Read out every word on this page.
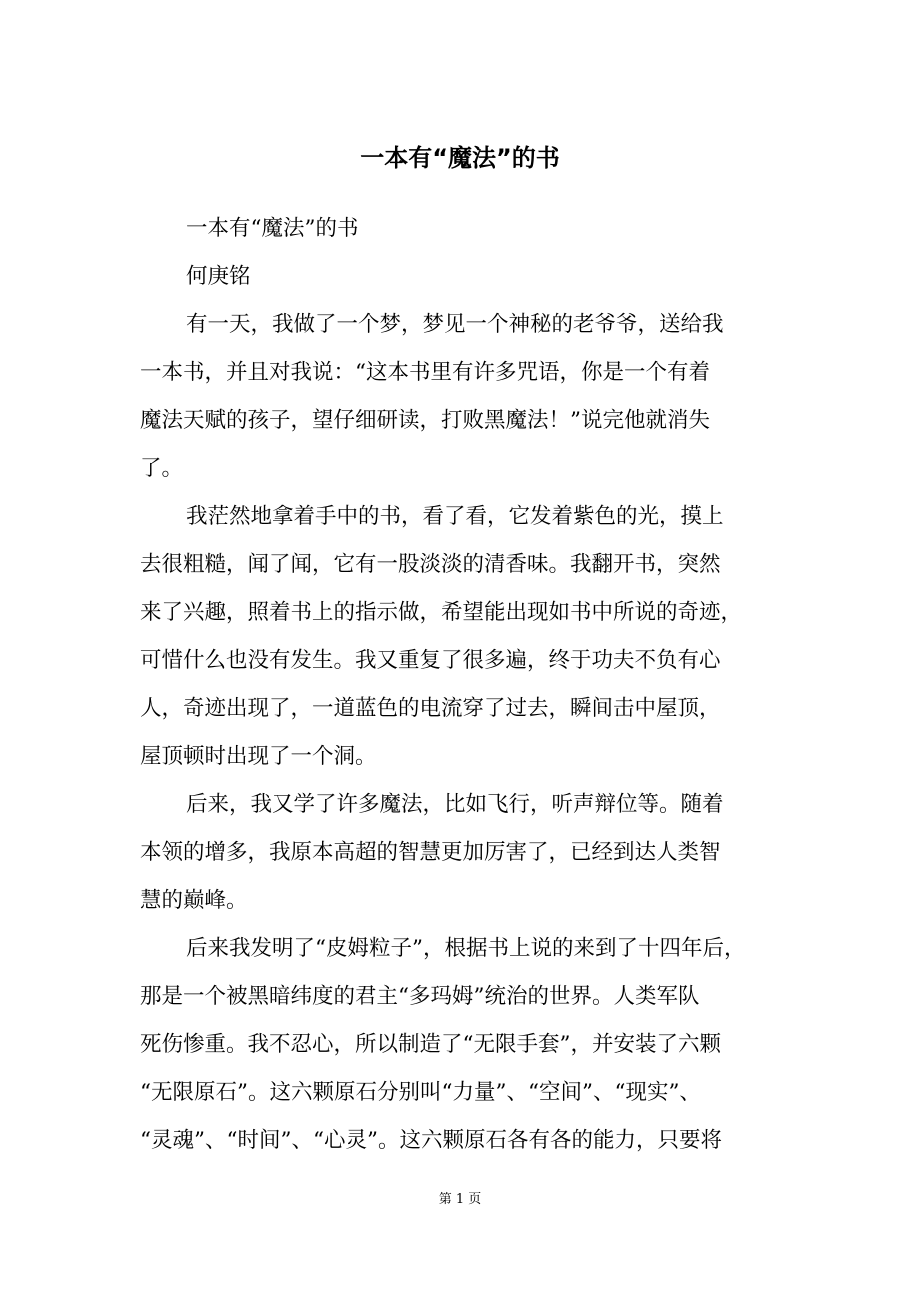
一本有“魔法”的书
一本有“魔法”的书
何庚铭
有一天，我做了一个梦，梦见一个神秘的老爷爷，送给我
一本书，并且对我说：“这本书里有许多咒语，你是一个有着
魔法天赋的孩子，望仔细研读，打败黑魔法！”说完他就消失
了。
我茫然地拿着手中的书，看了看，它发着紫色的光，摸上
去很粗糙，闻了闻，它有一股淡淡的清香味。我翻开书，突然
来了兴趣，照着书上的指示做，希望能出现如书中所说的奇迹，
可惜什么也没有发生。我又重复了很多遍，终于功夫不负有心
人，奇迹出现了，一道蓝色的电流穿了过去，瞬间击中屋顶，
屋顶顿时出现了一个洞。
后来，我又学了许多魔法，比如飞行，听声辩位等。随着
本领的增多，我原本高超的智慧更加厉害了，已经到达人类智
慧的巅峰。
后来我发明了“皮姆粒子”，根据书上说的来到了十四年后，
那是一个被黑暗纬度的君主“多玛姆”统治的世界。人类军队
死伤惨重。我不忍心，所以制造了“无限手套”，并安装了六颗
“无限原石”。这六颗原石分别叫“力量”、“空间”、“现实”、
“灵魂”、“时间”、“心灵”。这六颗原石各有各的能力，只要将
第 1 页
